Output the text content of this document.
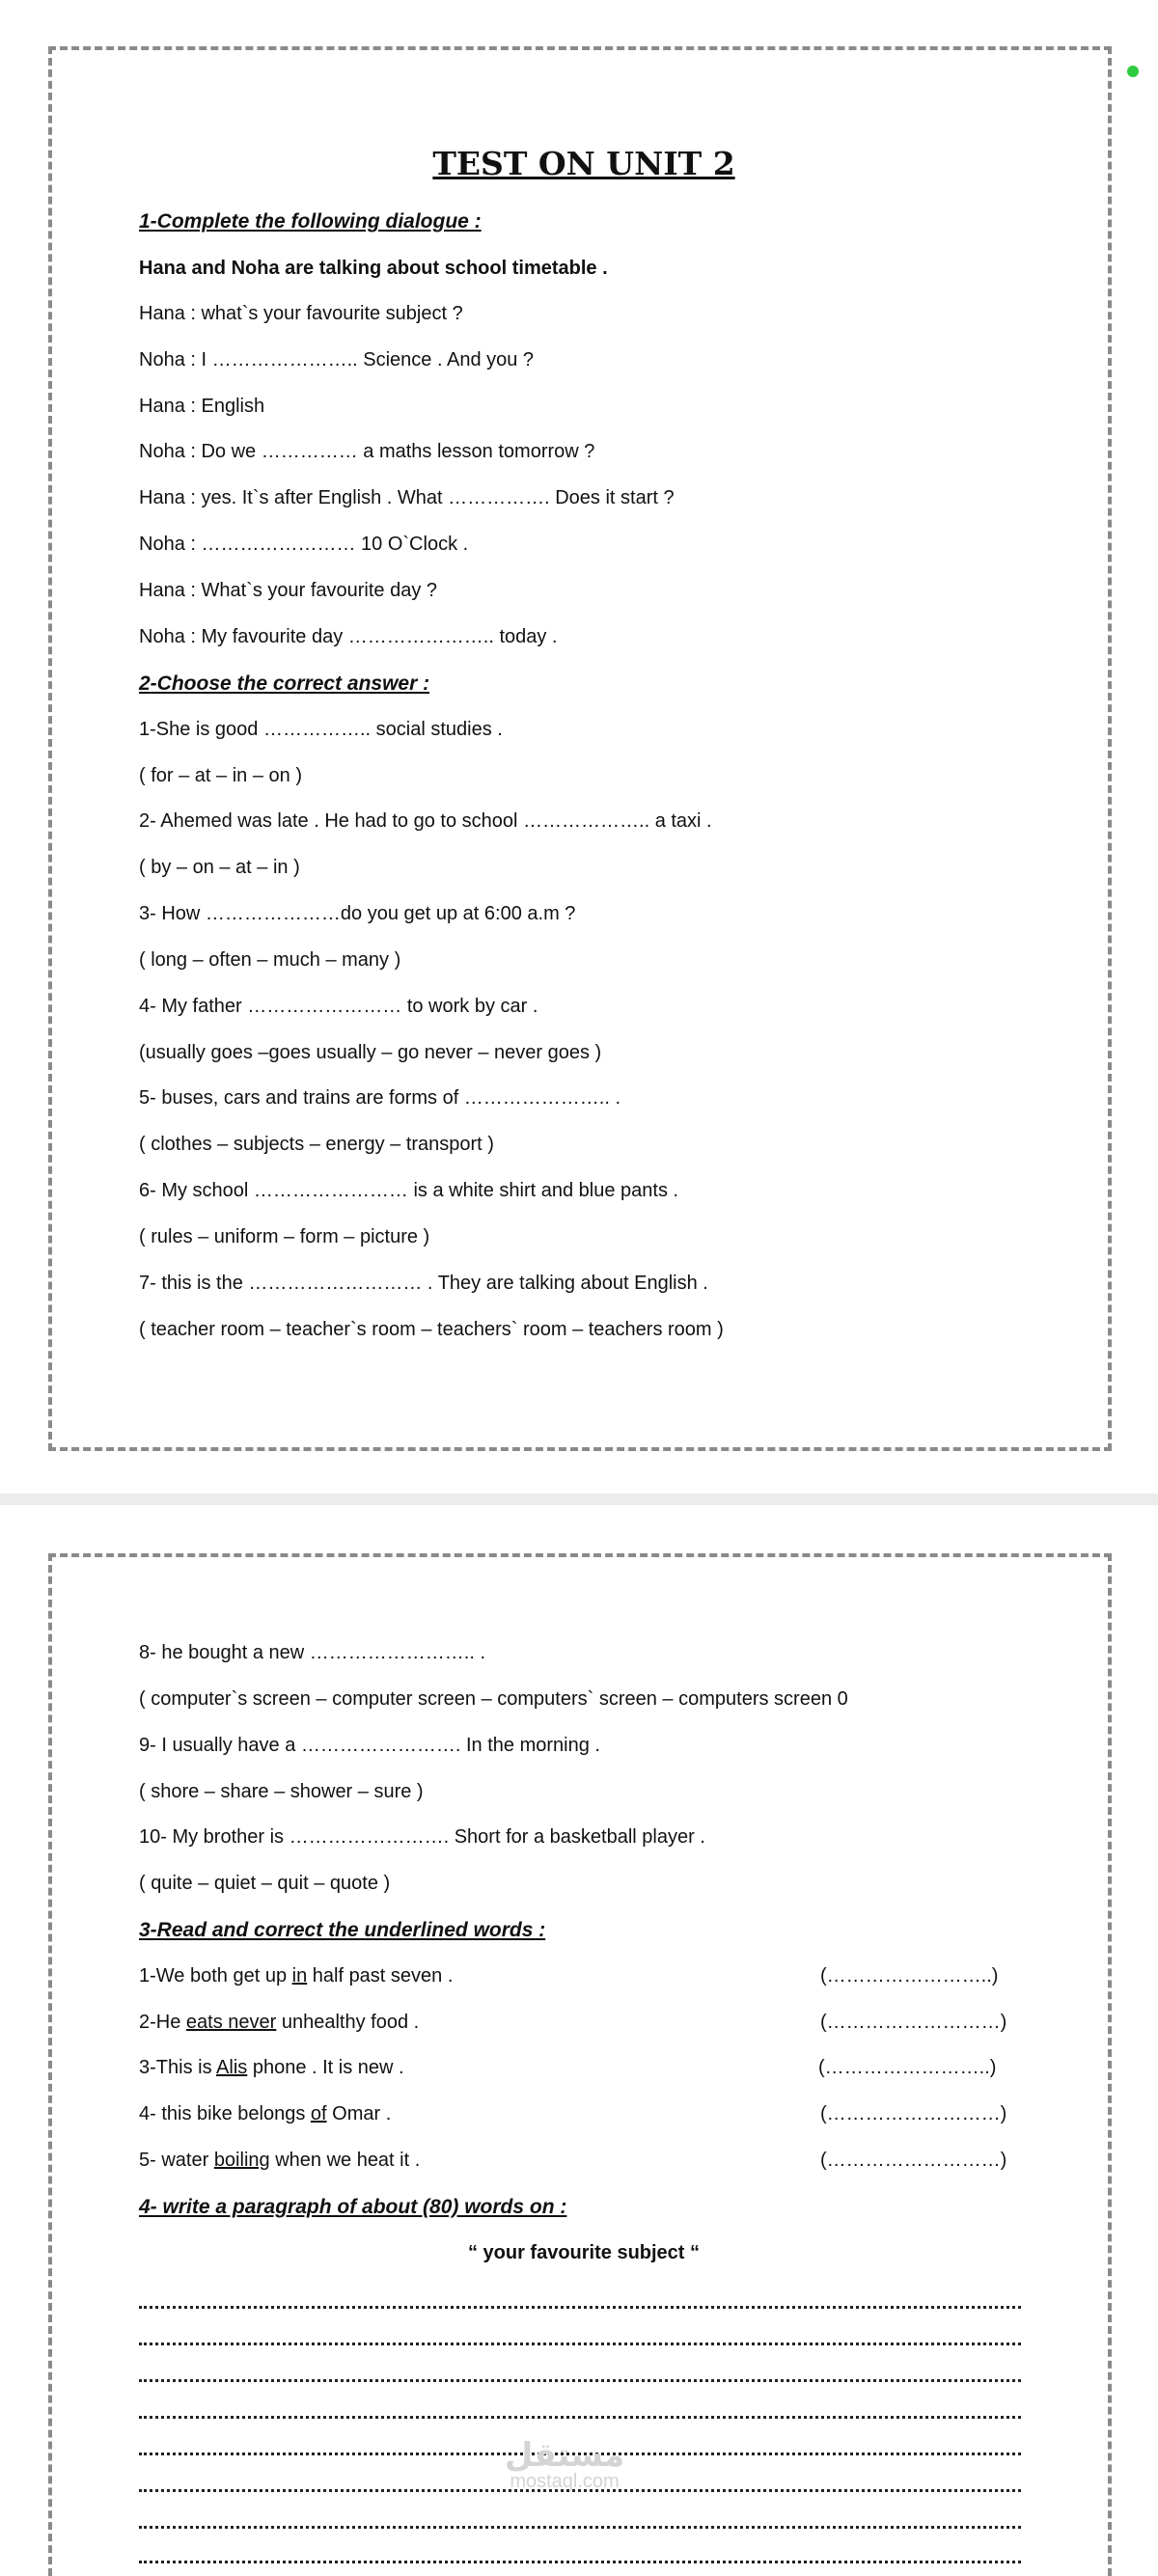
TEST ON UNIT 2
1-Complete the following dialogue :
Hana and Noha are talking about school timetable .
Hana : what`s your favourite subject ?
Noha : I ………………….. Science . And you ?
Hana : English
Noha : Do we …………… a maths lesson tomorrow ?
Hana : yes. It`s after English . What ……………. Does it start ?
Noha : …………………… 10 O`Clock .
Hana : What`s your favourite day ?
Noha : My favourite day ………………….. today .
2-Choose the correct answer :
1-She is good …………….. social studies .
( for – at – in – on )
2- Ahemed was late . He had to go to school ……………….. a taxi .
( by – on – at – in )
3- How …………………do you get up at 6:00 a.m ?
( long – often – much – many )
4- My father …………………… to work by car .
(usually goes –goes usually – go never – never goes )
5- buses, cars and trains are forms of ………………….. .
( clothes – subjects – energy – transport )
6- My school …………………… is a white shirt and blue pants .
( rules – uniform – form – picture )
7- this is the ……………………… . They are talking about English .
( teacher room – teacher`s room – teachers` room – teachers room )
8- he bought a new …………………….. .
( computer`s screen – computer screen – computers` screen – computers screen 0
9- I usually have a ……………………. In the morning .
( shore – share – shower – sure )
10- My brother is ……………………. Short for a basketball player .
( quite – quiet – quit – quote )
3-Read and correct the underlined words :
1-We both get up in half past seven .	(……………………..)
2-He eats never unhealthy food .	(………………………)
3-This is Alis phone . It is new .	(……………………..)
4- this bike belongs of Omar .	(………………………)
5- water boiling when we heat it .	(………………………)
4- write a paragraph of about (80) words on :
“ your favourite subject “
مستقل
mostaql.com
